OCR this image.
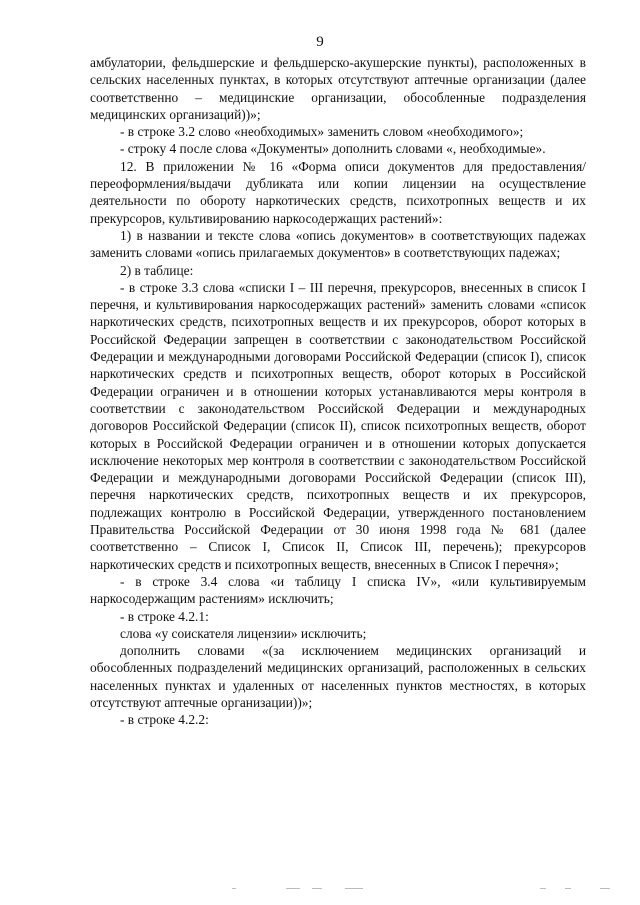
9

амбулатории, фельдшерские и фельдшерско-акушерские пункты), расположенных в сельских населенных пунктах, в которых отсутствуют аптечные организации (далее соответственно – медицинские организации, обособленные подразделения медицинских организаций))»;

- в строке 3.2 слово «необходимых» заменить словом «необходимого»;

- строку 4 после слова «Документы» дополнить словами «, необходимые».

12. В приложении № 16 «Форма описи документов для предоставления/переоформления/выдачи дубликата или копии лицензии на осуществление деятельности по обороту наркотических средств, психотропных веществ и их прекурсоров, культивированию наркосодержащих растений»:

1) в названии и тексте слова «опись документов» в соответствующих падежах заменить словами «опись прилагаемых документов» в соответствующих падежах;

2) в таблице:

- в строке 3.3 слова «списки I – III перечня, прекурсоров, внесенных в список I перечня, и культивирования наркосодержащих растений» заменить словами «список наркотических средств, психотропных веществ и их прекурсоров, оборот которых в Российской Федерации запрещен в соответствии с законодательством Российской Федерации и международными договорами Российской Федерации (список I), список наркотических средств и психотропных веществ, оборот которых в Российской Федерации ограничен и в отношении которых устанавливаются меры контроля в соответствии с законодательством Российской Федерации и международных договоров Российской Федерации (список II), список психотропных веществ, оборот которых в Российской Федерации ограничен и в отношении которых допускается исключение некоторых мер контроля в соответствии с законодательством Российской Федерации и международными договорами Российской Федерации (список III), перечня наркотических средств, психотропных веществ и их прекурсоров, подлежащих контролю в Российской Федерации, утвержденного постановлением Правительства Российской Федерации от 30 июня 1998 года № 681 (далее соответственно – Список I, Список II, Список III, перечень); прекурсоров наркотических средств и психотропных веществ, внесенных в Список I перечня»;

- в строке 3.4 слова «и таблицу I списка IV», «или культивируемым наркосодержащим растениям» исключить;

- в строке 4.2.1:

слова «у соискателя лицензии» исключить;

дополнить словами «(за исключением медицинских организаций и обособленных подразделений медицинских организаций, расположенных в сельских населенных пунктах и удаленных от населенных пунктов местностях, в которых отсутствуют аптечные организации))»;

- в строке 4.2.2:
